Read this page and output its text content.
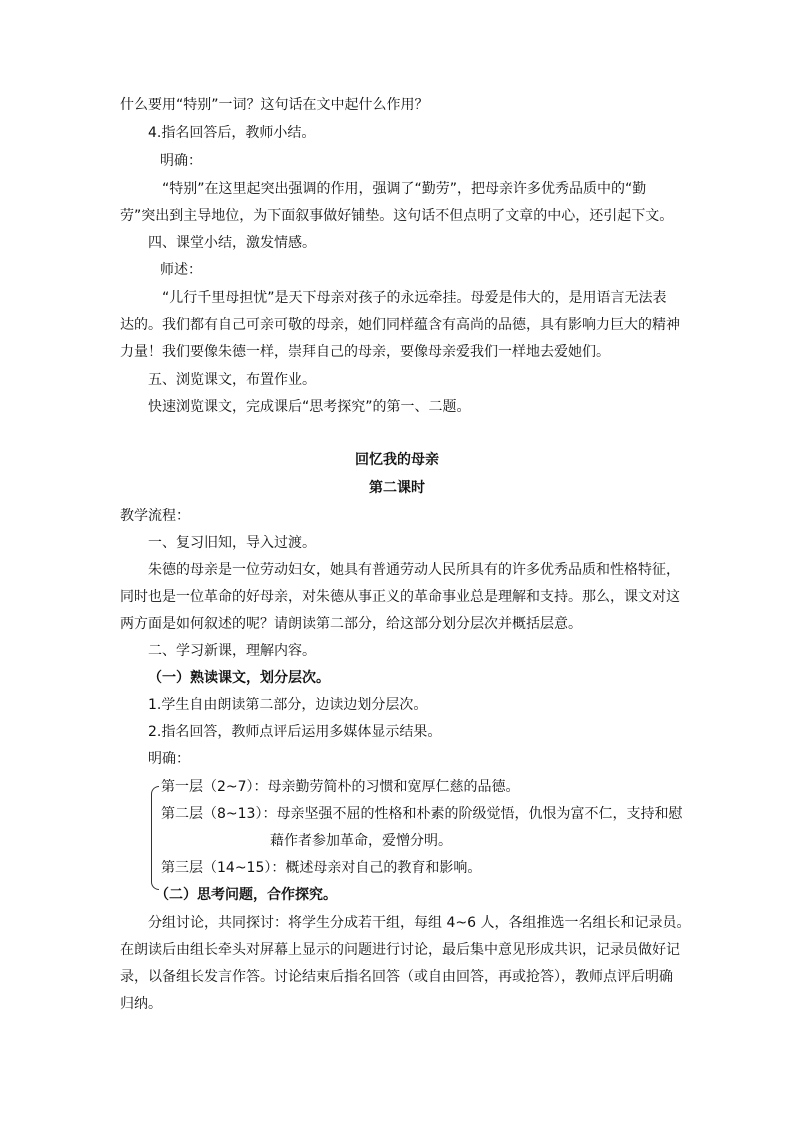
什么要用“特别”一词？这句话在文中起什么作用？
4.指名回答后，教师小结。
明确：
“特别”在这里起突出强调的作用，强调了“勤劳”，把母亲许多优秀品质中的“勤
劳”突出到主导地位，为下面叙事做好铺垫。这句话不但点明了文章的中心，还引起下文。
四、课堂小结，激发情感。
师述：
“儿行千里母担忧”是天下母亲对孩子的永远牵挂。母爱是伟大的，是用语言无法表
达的。我们都有自己可亲可敬的母亲，她们同样蕴含有高尚的品德，具有影响力巨大的精神
力量！我们要像朱德一样，崇拜自己的母亲，要像母亲爱我们一样地去爱她们。
五、浏览课文，布置作业。
快速浏览课文，完成课后“思考探究”的第一、二题。
回忆我的母亲
第二课时
教学流程：
一、复习旧知，导入过渡。
朱德的母亲是一位劳动妇女，她具有普通劳动人民所具有的许多优秀品质和性格特征，
同时也是一位革命的好母亲，对朱德从事正义的革命事业总是理解和支持。那么，课文对这
两方面是如何叙述的呢？请朗读第二部分，给这部分划分层次并概括层意。
二、学习新课，理解内容。
（一）熟读课文，划分层次。
1.学生自由朗读第二部分，边读边划分层次。
2.指名回答，教师点评后运用多媒体显示结果。
明确：
第一层（2~7）：母亲勤劳简朴的习惯和宽厚仁慈的品德。
第二层（8~13）：母亲坚强不屈的性格和朴素的阶级觉悟，仇恨为富不仁，支持和慰
藉作者参加革命，爱憎分明。
第三层（14~15）：概述母亲对自己的教育和影响。
（二）思考问题，合作探究。
分组讨论，共同探讨：将学生分成若干组，每组 4~6 人，各组推选一名组长和记录员。
在朗读后由组长牵头对屏幕上显示的问题进行讨论，最后集中意见形成共识，记录员做好记
录，以备组长发言作答。讨论结束后指名回答（或自由回答，再或抢答），教师点评后明确
归纳。
